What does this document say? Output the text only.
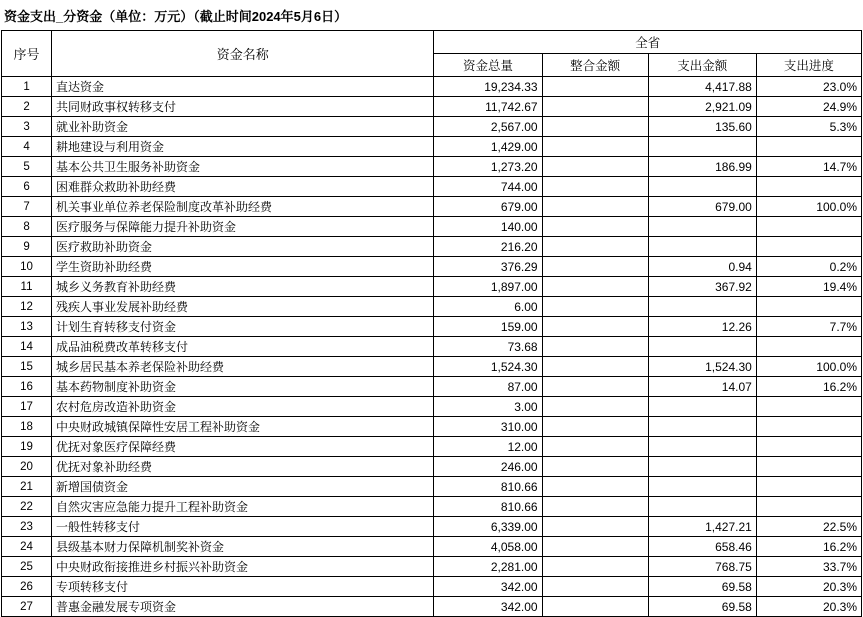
资金支出_分资金（单位：万元）（截止时间2024年5月6日）
序号	资金名称	全省			
		资金总量	整合金额	支出金额	支出进度
1	直达资金	19,234.33		4,417.88	23.0%
2	共同财政事权转移支付	11,742.67		2,921.09	24.9%
3	就业补助资金	2,567.00		135.60	5.3%
4	耕地建设与利用资金	1,429.00			
5	基本公共卫生服务补助资金	1,273.20		186.99	14.7%
6	困难群众救助补助经费	744.00			
7	机关事业单位养老保险制度改革补助经费	679.00		679.00	100.0%
8	医疗服务与保障能力提升补助资金	140.00			
9	医疗救助补助资金	216.20			
10	学生资助补助经费	376.29		0.94	0.2%
11	城乡义务教育补助经费	1,897.00		367.92	19.4%
12	残疾人事业发展补助经费	6.00			
13	计划生育转移支付资金	159.00		12.26	7.7%
14	成品油税费改革转移支付	73.68			
15	城乡居民基本养老保险补助经费	1,524.30		1,524.30	100.0%
16	基本药物制度补助资金	87.00		14.07	16.2%
17	农村危房改造补助资金	3.00			
18	中央财政城镇保障性安居工程补助资金	310.00			
19	优抚对象医疗保障经费	12.00			
20	优抚对象补助经费	246.00			
21	新增国债资金	810.66			
22	自然灾害应急能力提升工程补助资金	810.66			
23	一般性转移支付	6,339.00		1,427.21	22.5%
24	县级基本财力保障机制奖补资金	4,058.00		658.46	16.2%
25	中央财政衔接推进乡村振兴补助资金	2,281.00		768.75	33.7%
26	专项转移支付	342.00		69.58	20.3%
27	普惠金融发展专项资金	342.00		69.58	20.3%
